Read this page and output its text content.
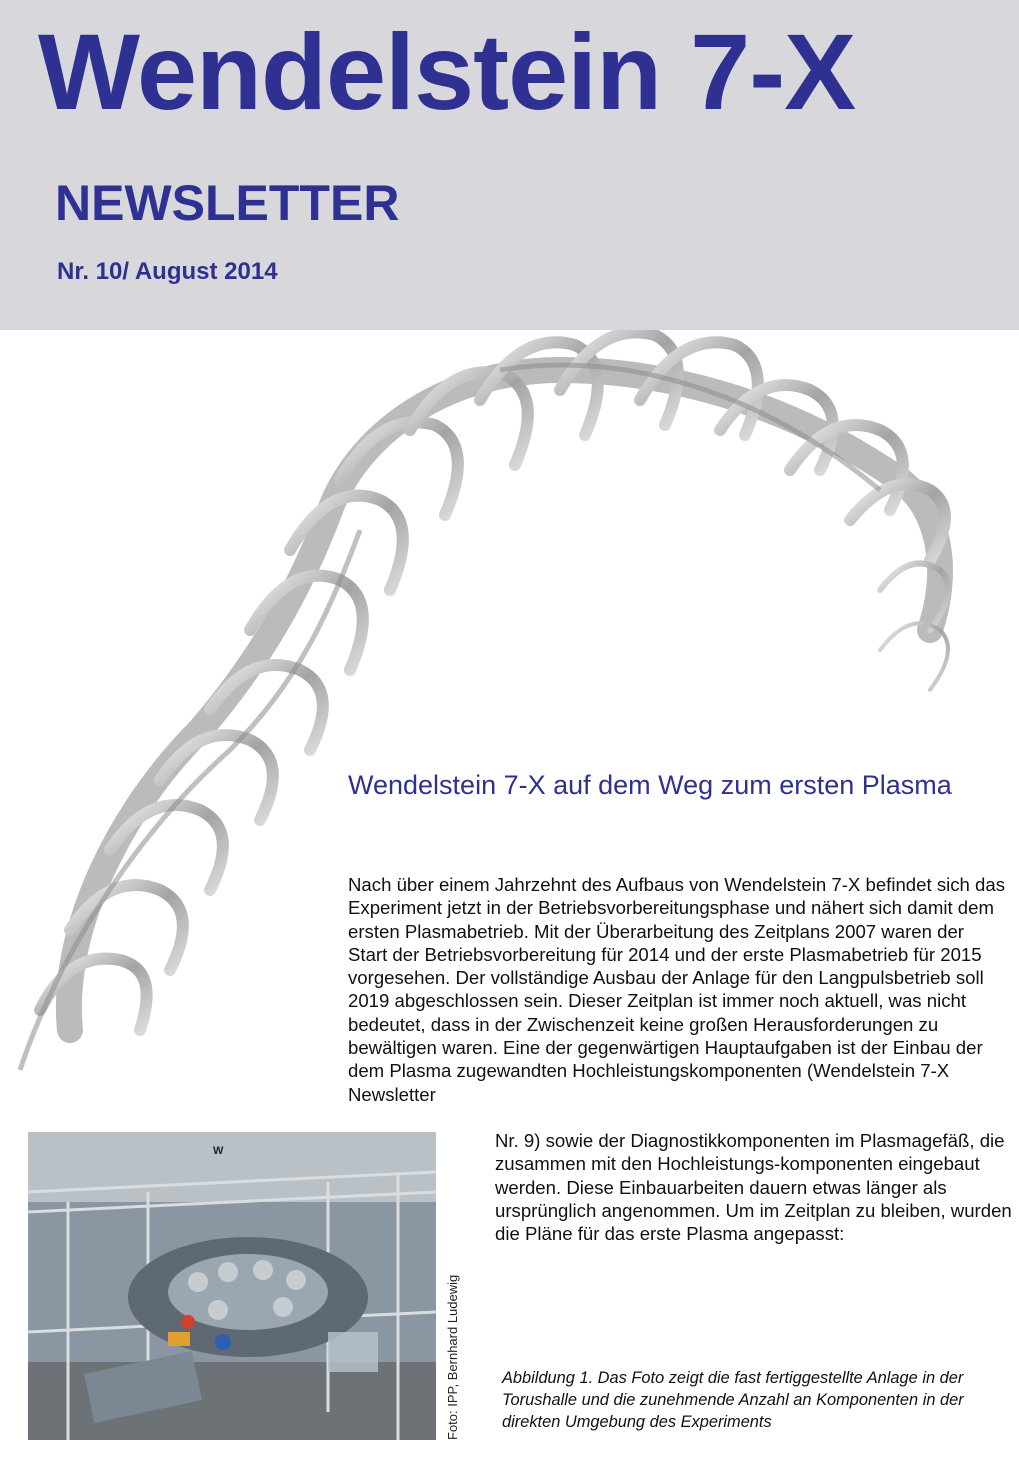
Wendelstein 7-X
NEWSLETTER
Nr. 10/ August 2014
Wendelstein 7-X auf dem Weg zum ersten Plasma

Nach über einem Jahrzehnt des Aufbaus von Wendelstein 7-X befindet sich das Experiment jetzt in der Betriebsvorbereitungsphase und nähert sich damit dem ersten Plasmabetrieb. Mit der Überarbeitung des Zeitplans 2007 waren der Start der Betriebsvorbereitung für 2014 und der erste Plasmabetrieb für 2015 vorgesehen. Der vollständige Ausbau der Anlage für den Langpulsbetrieb soll 2019 abgeschlossen sein. Dieser Zeitplan ist immer noch aktuell, was nicht bedeutet, dass in der Zwischenzeit keine großen Herausforderungen zu bewältigen waren. Eine der gegenwärtigen Hauptaufgaben ist der Einbau der dem Plasma zugewandten Hochleistungskomponenten (Wendelstein 7-X Newsletter

Nr. 9) sowie der Diagnostikkomponenten im Plasmagefäß, die zusammen mit den Hochleistungs-komponenten eingebaut werden. Diese Einbauarbeiten dauern etwas länger als ursprünglich angenommen. Um im Zeitplan zu bleiben, wurden die Pläne für das erste Plasma angepasst:

W
Foto: IPP, Bernhard Ludewig	Abbildung 1. Das Foto zeigt die fast fertiggestellte Anlage in der Torushalle und die zunehmende Anzahl an Komponenten in der direkten Umgebung des Experiments
